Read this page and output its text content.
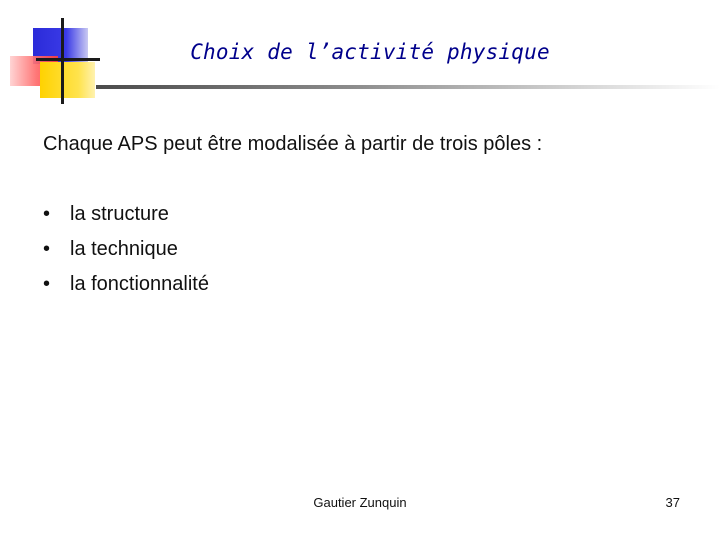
Choix de l’activité physique
Chaque APS peut être modalisée à partir de trois pôles :
• la structure
• la technique
• la fonctionnalité
Gautier Zunquin	37
